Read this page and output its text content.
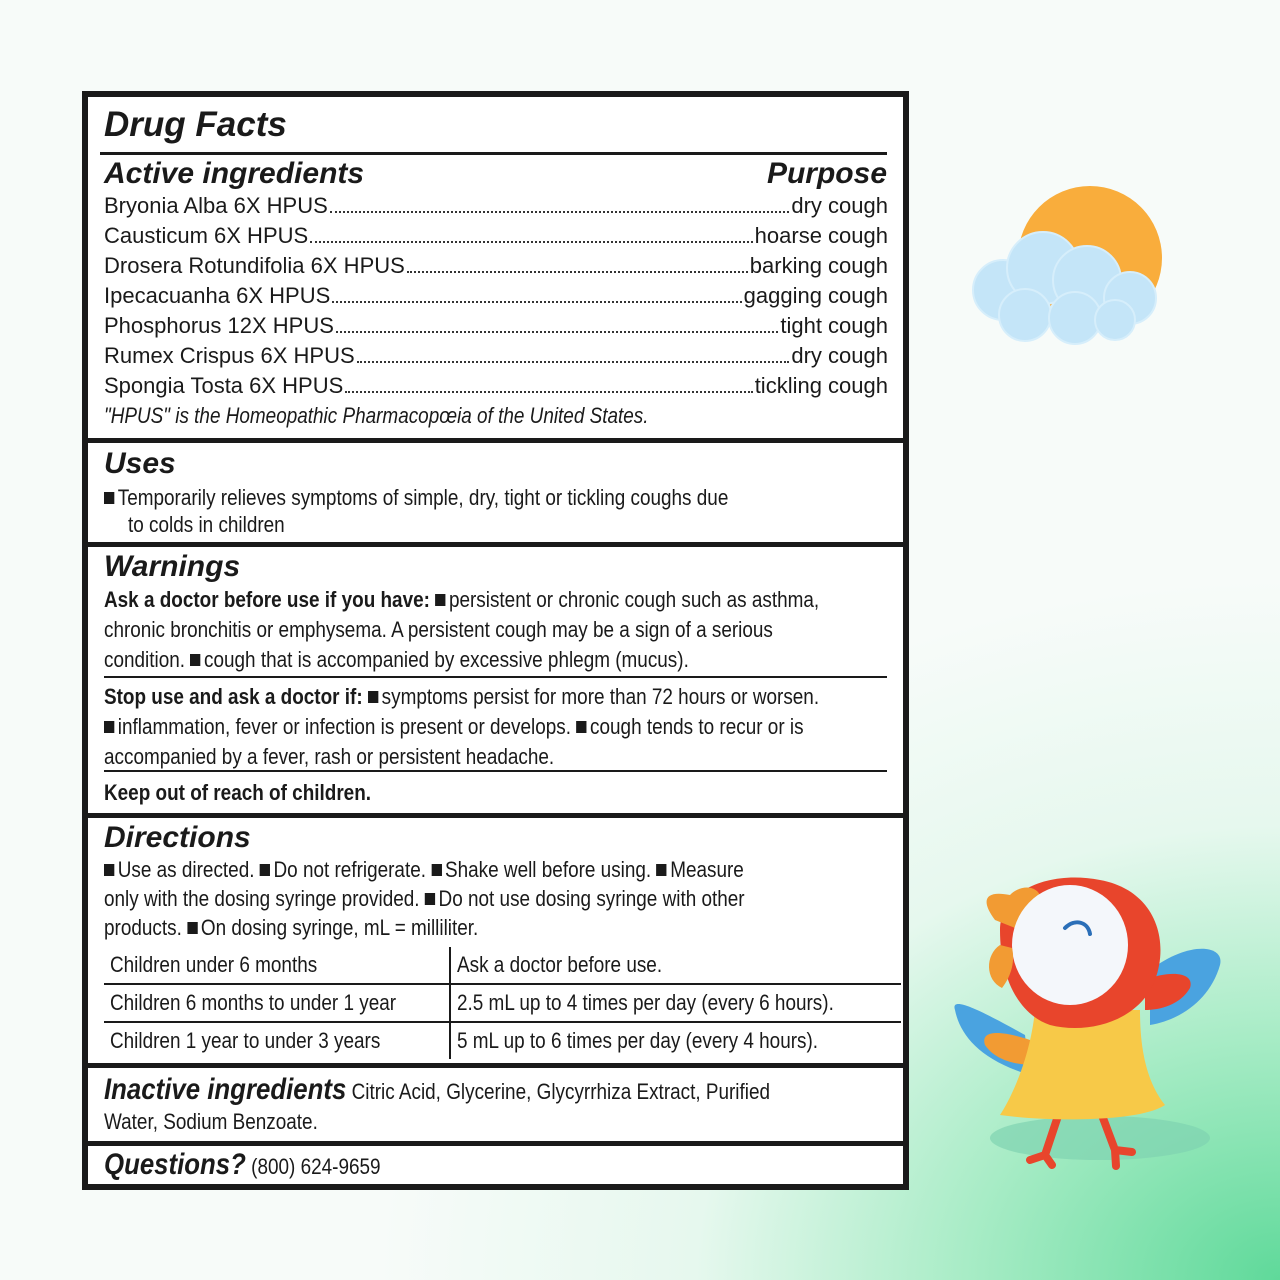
Drug Facts
Active ingredients	Purpose
Bryonia Alba 6X HPUS	dry cough
Causticum 6X HPUS	hoarse cough
Drosera Rotundifolia 6X HPUS	barking cough
Ipecacuanha 6X HPUS	gagging cough
Phosphorus 12X HPUS	tight cough
Rumex Crispus 6X HPUS	dry cough
Spongia Tosta 6X HPUS	tickling cough
"HPUS" is the Homeopathic Pharmacopœia of the United States.
Uses
Temporarily relieves symptoms of simple, dry, tight or tickling coughs due
to colds in children
Warnings
Ask a doctor before use if you have: persistent or chronic cough such as asthma,
chronic bronchitis or emphysema. A persistent cough may be a sign of a serious
condition. cough that is accompanied by excessive phlegm (mucus).
Stop use and ask a doctor if: symptoms persist for more than 72 hours or worsen.
inflammation, fever or infection is present or develops. cough tends to recur or is
accompanied by a fever, rash or persistent headache.
Keep out of reach of children.
Directions
Use as directed. Do not refrigerate. Shake well before using. Measure
only with the dosing syringe provided. Do not use dosing syringe with other
products. On dosing syringe, mL = milliliter.
Children under 6 months	Ask a doctor before use.
Children 6 months to under 1 year	2.5 mL up to 4 times per day (every 6 hours).
Children 1 year to under 3 years	5 mL up to 6 times per day (every 4 hours).
Inactive ingredients Citric Acid, Glycerine, Glycyrrhiza Extract, Purified
Water, Sodium Benzoate.
Questions? (800) 624-9659
